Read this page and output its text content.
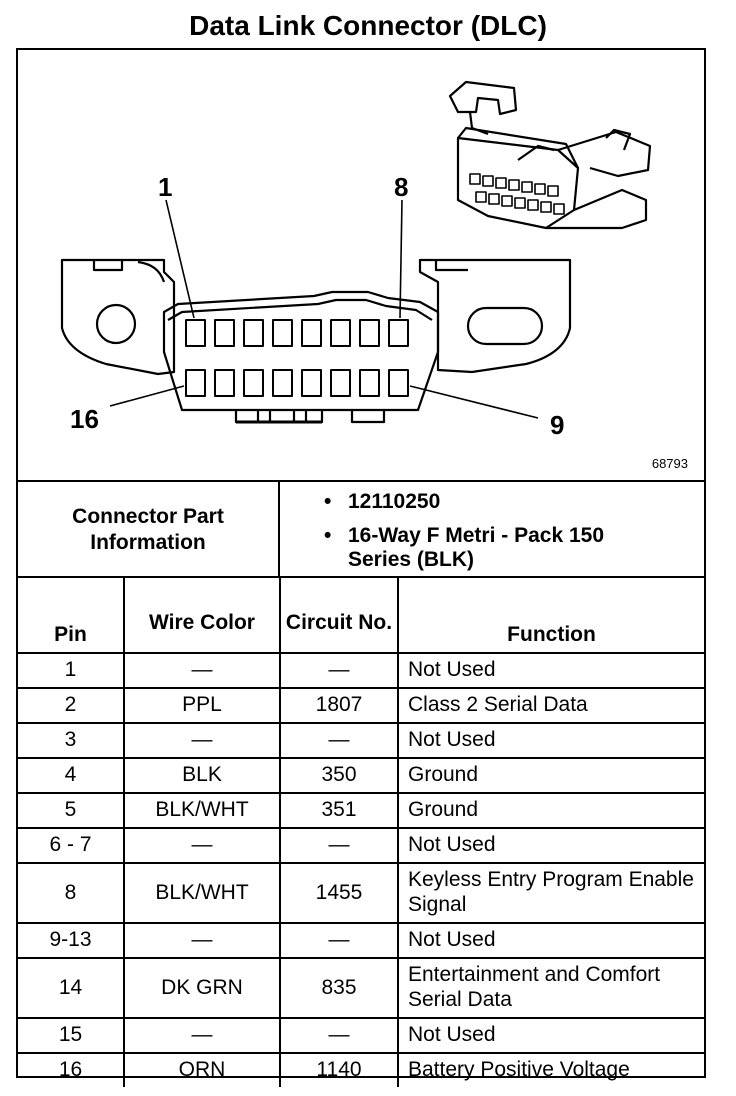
Data Link Connector (DLC)
1	8
16	9
68793
Connector Part Information
• 12110250
• 16-Way F Metri - Pack 150 Series (BLK)
Pin	Wire Color	Circuit No.	Function
1	—	—	Not Used
2	PPL	1807	Class 2 Serial Data
3	—	—	Not Used
4	BLK	350	Ground
5	BLK/WHT	351	Ground
6 - 7	—	—	Not Used
8	BLK/WHT	1455	Keyless Entry Program Enable Signal
9-13	—	—	Not Used
14	DK GRN	835	Entertainment and Comfort Serial Data
15	—	—	Not Used
16	ORN	1140	Battery Positive Voltage
